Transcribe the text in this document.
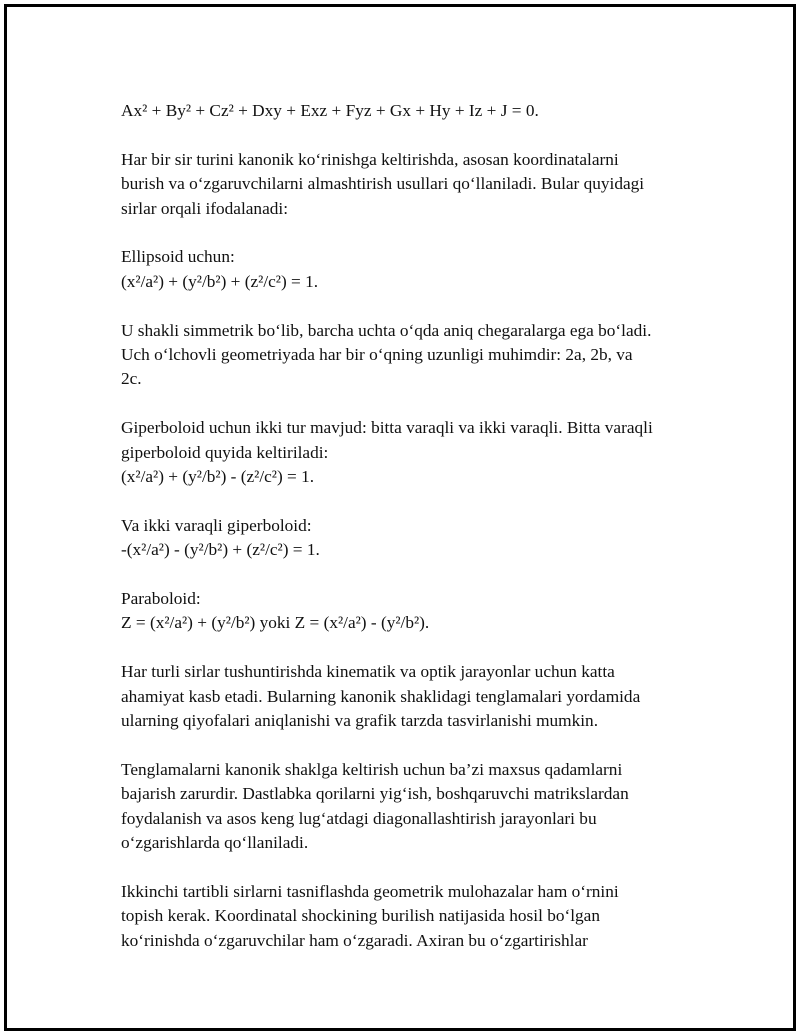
Ax² + By² + Cz² + Dxy + Exz + Fyz + Gx + Hy + Iz + J = 0.

Har bir sir turini kanonik ko‘rinishga keltirishda, asosan koordinatalarni
burish va o‘zgaruvchilarni almashtirish usullari qo‘llaniladi. Bular quyidagi
sirlar orqali ifodalanadi:

Ellipsoid uchun:
(x²/a²) + (y²/b²) + (z²/c²) = 1.

U shakli simmetrik bo‘lib, barcha uchta o‘qda aniq chegaralarga ega bo‘ladi.
Uch o‘lchovli geometriyada har bir o‘qning uzunligi muhimdir: 2a, 2b, va
2c.

Giperboloid uchun ikki tur mavjud: bitta varaqli va ikki varaqli. Bitta varaqli
giperboloid quyida keltiriladi:
(x²/a²) + (y²/b²) - (z²/c²) = 1.

Va ikki varaqli giperboloid:
-(x²/a²) - (y²/b²) + (z²/c²) = 1.

Paraboloid:
Z = (x²/a²) + (y²/b²) yoki Z = (x²/a²) - (y²/b²).

Har turli sirlar tushuntirishda kinematik va optik jarayonlar uchun katta
ahamiyat kasb etadi. Bularning kanonik shaklidagi tenglamalari yordamida
ularning qiyofalari aniqlanishi va grafik tarzda tasvirlanishi mumkin.

Tenglamalarni kanonik shaklga keltirish uchun ba’zi maxsus qadamlarni
bajarish zarurdir. Dastlabka qorilarni yig‘ish, boshqaruvchi matrikslardan
foydalanish va asos keng lug‘atdagi diagonallashtirish jarayonlari bu
o‘zgarishlarda qo‘llaniladi.

Ikkinchi tartibli sirlarni tasniflashda geometrik mulohazalar ham o‘rnini
topish kerak. Koordinatal shockining burilish natijasida hosil bo‘lgan
ko‘rinishda o‘zgaruvchilar ham o‘zgaradi. Axiran bu o‘zgartirishlar
